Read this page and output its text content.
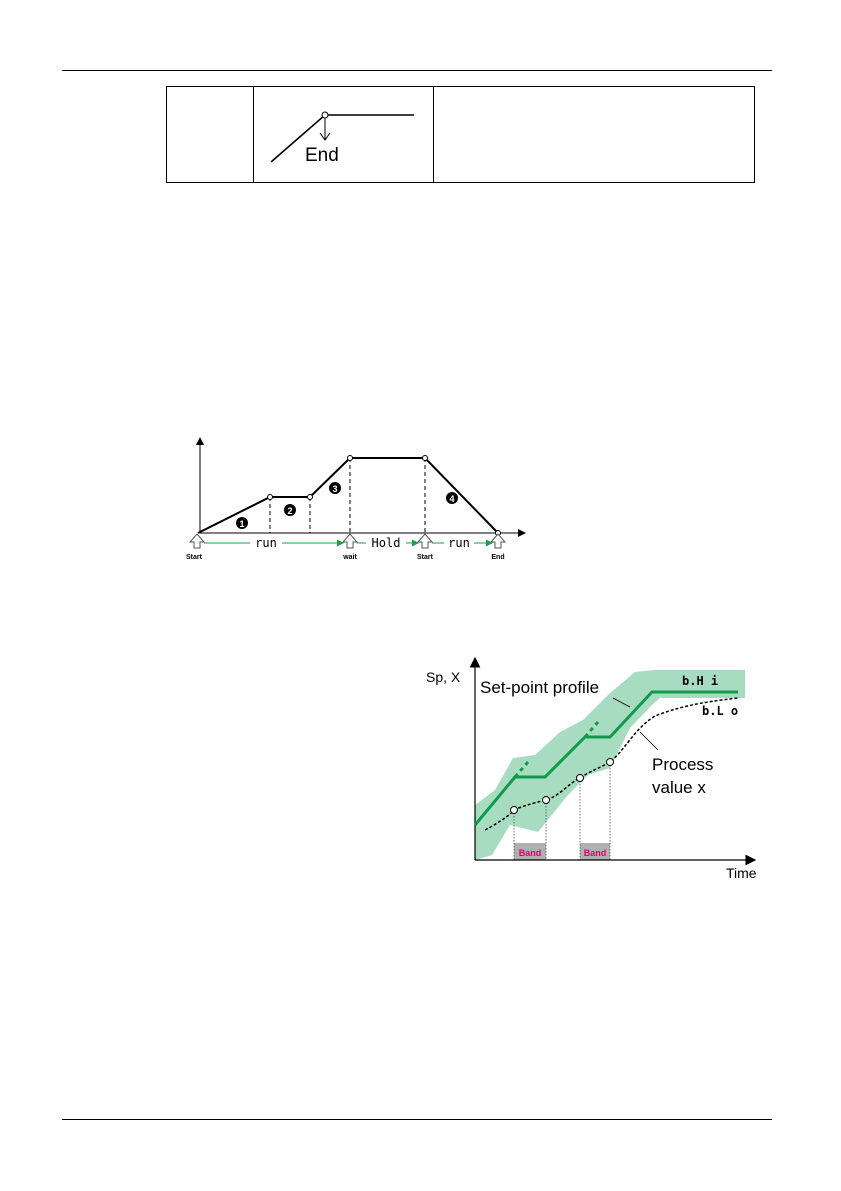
End
1
2
3
4
run	Hold	run
Start	wait	Start	End
Band	Band
Sp, X
Time
Set-point profile
Process
value x
b.H i
b.L o
